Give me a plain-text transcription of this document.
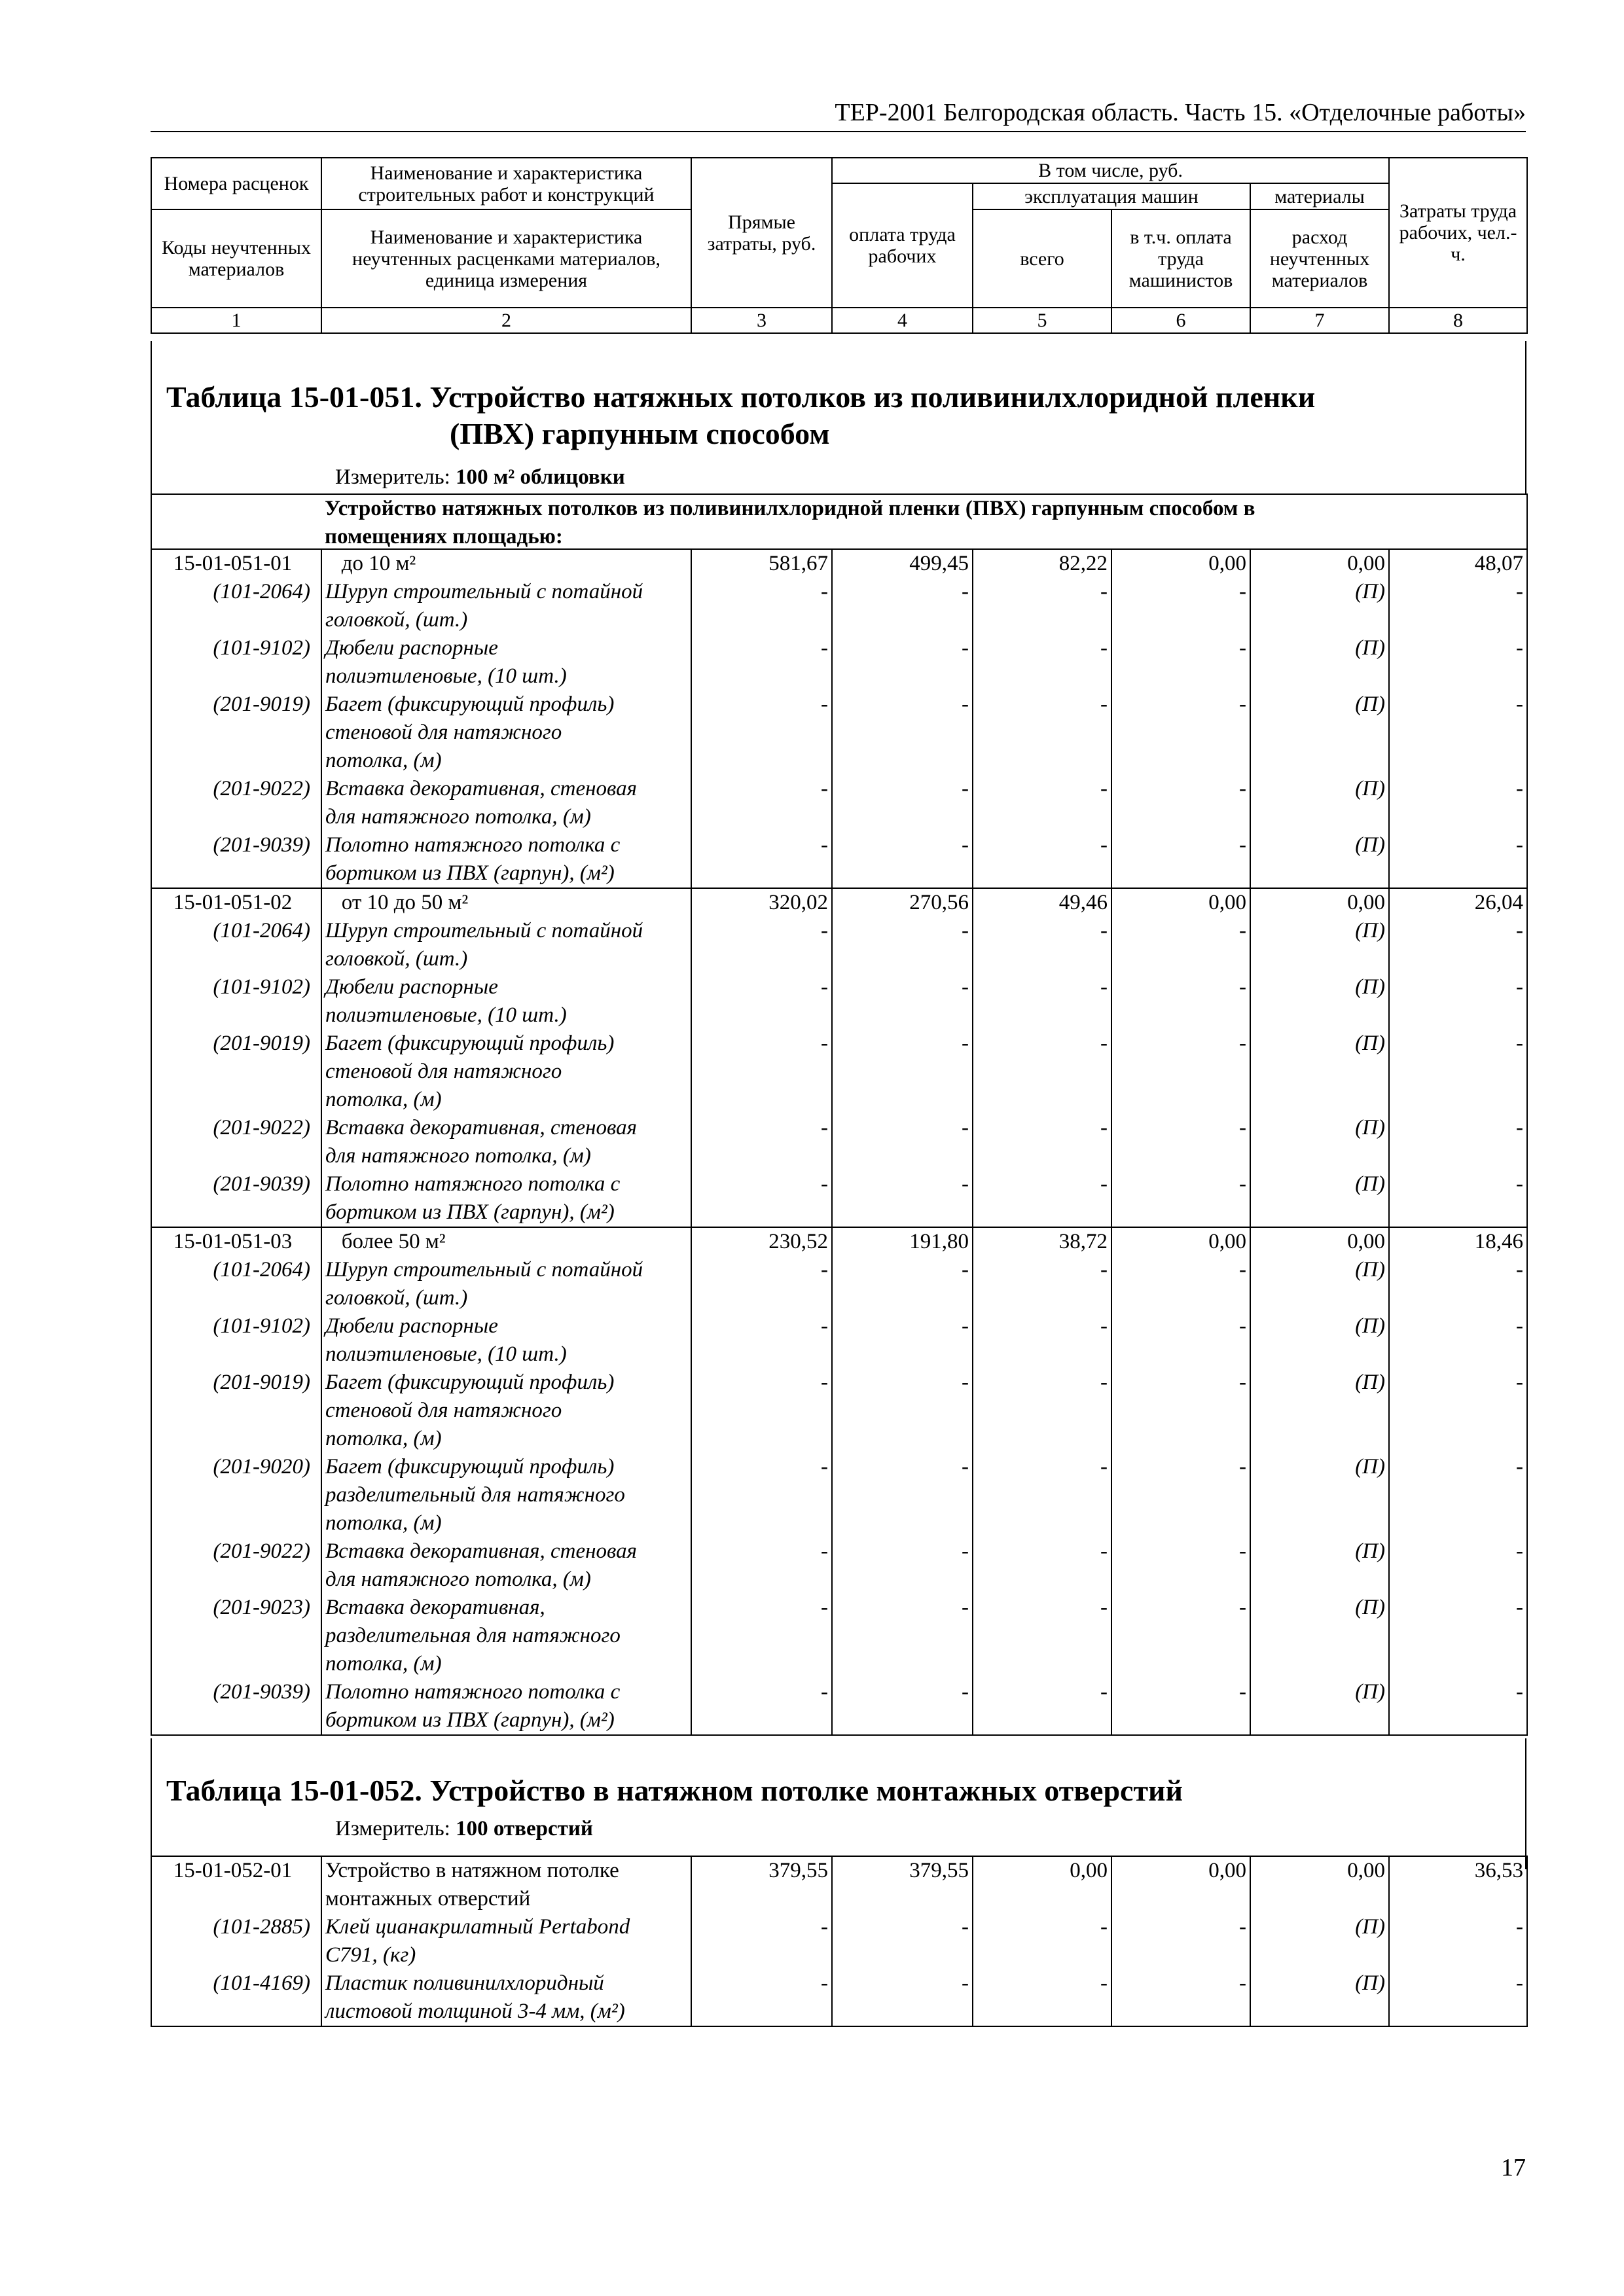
ТЕР-2001 Белгородская область. Часть 15. «Отделочные работы»
Номера расценок	Наименование и характеристика строительных работ и конструкций	Прямые затраты, руб.	В том числе, руб.				Затраты труда рабочих, чел.-ч.
			оплата труда рабочих	эксплуатация машин		материалы	
Коды неучтенных материалов	Наименование и характеристика неучтенных расценками материалов, единица измерения			всего	в т.ч. оплата труда машинистов	расход неучтенных материалов	
1	2	3	4	5	6	7	8
Таблица 15-01-051. Устройство натяжных потолков из поливинилхлоридной пленки
(ПВХ) гарпунным способом
Измеритель: 100 м² облицовки

Устройство натяжных потолков из поливинилхлоридной пленки (ПВХ) гарпунным способом в
помещениях площадью:
15-01-051-01	до 10 м²	581,67	499,45	82,22	0,00	0,00	48,07
(101-2064)	Шуруп строительный с потайной
головкой, (шт.)	-	-	-	-	(П)	-
(101-9102)	Дюбели распорные
полиэтиленовые, (10 шт.)	-	-	-	-	(П)	-
(201-9019)	Багет (фиксирующий профиль)
стеновой для натяжного
потолка, (м)	-	-	-	-	(П)	-
(201-9022)	Вставка декоративная, стеновая
для натяжного потолка, (м)	-	-	-	-	(П)	-
(201-9039)	Полотно натяжного потолка с
бортиком из ПВХ (гарпун), (м²)	-	-	-	-	(П)	-
15-01-051-02	от 10 до 50 м²	320,02	270,56	49,46	0,00	0,00	26,04
(101-2064)	Шуруп строительный с потайной
головкой, (шт.)	-	-	-	-	(П)	-
(101-9102)	Дюбели распорные
полиэтиленовые, (10 шт.)	-	-	-	-	(П)	-
(201-9019)	Багет (фиксирующий профиль)
стеновой для натяжного
потолка, (м)	-	-	-	-	(П)	-
(201-9022)	Вставка декоративная, стеновая
для натяжного потолка, (м)	-	-	-	-	(П)	-
(201-9039)	Полотно натяжного потолка с
бортиком из ПВХ (гарпун), (м²)	-	-	-	-	(П)	-
15-01-051-03	более 50 м²	230,52	191,80	38,72	0,00	0,00	18,46
(101-2064)	Шуруп строительный с потайной
головкой, (шт.)	-	-	-	-	(П)	-
(101-9102)	Дюбели распорные
полиэтиленовые, (10 шт.)	-	-	-	-	(П)	-
(201-9019)	Багет (фиксирующий профиль)
стеновой для натяжного
потолка, (м)	-	-	-	-	(П)	-
(201-9020)	Багет (фиксирующий профиль)
разделительный для натяжного
потолка, (м)	-	-	-	-	(П)	-
(201-9022)	Вставка декоративная, стеновая
для натяжного потолка, (м)	-	-	-	-	(П)	-
(201-9023)	Вставка декоративная,
разделительная для натяжного
потолка, (м)	-	-	-	-	(П)	-
(201-9039)	Полотно натяжного потолка с
бортиком из ПВХ (гарпун), (м²)	-	-	-	-	(П)	-
Таблица 15-01-052. Устройство в натяжном потолке монтажных отверстий
Измеритель: 100 отверстий
15-01-052-01	Устройство в натяжном потолке
монтажных отверстий	379,55	379,55	0,00	0,00	0,00	36,53
(101-2885)	Клей цианакрилатный Pertabond
С791, (кг)	-	-	-	-	(П)	-
(101-4169)	Пластик поливинилхлоридный
листовой толщиной 3-4 мм, (м²)	-	-	-	-	(П)	-
17
